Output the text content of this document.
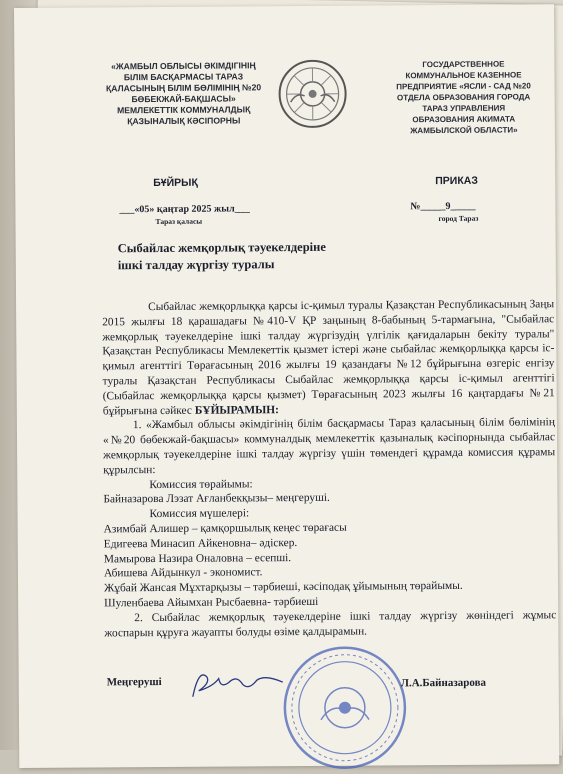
«ЖАМБЫЛ ОБЛЫСЫ ӘКІМДІГІНІҢ
БІЛІМ БАСҚАРМАСЫ ТАРАЗ
ҚАЛАСЫНЫҢ БІЛІМ БӨЛІМІНІҢ №20
БӨБЕКЖАЙ-БАҚШАСЫ»
МЕМЛЕКЕТТІК КОММУНАЛДЫҚ
ҚАЗЫНАЛЫҚ КӘСІПОРНЫ
ГОСУДАРСТВЕННОЕ
КОММУНАЛЬНОЕ КАЗЕННОЕ
ПРЕДПРИЯТИЕ «ЯСЛИ - САД №20
ОТДЕЛА ОБРАЗОВАНИЯ ГОРОДА
ТАРАЗ УПРАВЛЕНИЯ
ОБРАЗОВАНИЯ АКИМАТА
ЖАМБЫЛСКОЙ ОБЛАСТИ»
БҰЙРЫҚ	ПРИКАЗ
___«05» қаңтар 2025 жыл___
Тараз қаласы
№_____9_____
город Тараз
Сыбайлас жемқорлық тәуекелдеріне
ішкі талдау жүргізу туралы

Сыбайлас жемқорлыққа қарсы іс-қимыл туралы Қазақстан Республикасының Заңы 2015 жылғы 18 қарашадағы №410-V ҚР заңының 8-бабының 5-тармағына, "Сыбайлас жемқорлық тәуекелдеріне ішкі талдау жүргізудің үлгілік қағидаларын бекіту туралы" Қазақстан Республикасы Мемлекеттік қызмет істері және сыбайлас жемқорлыққа қарсы іс-қимыл агенттігі Төрағасының 2016 жылғы 19 қазандағы №12 бұйрығына өзгеріс енгізу туралы Қазақстан Республикасы Сыбайлас жемқорлыққа қарсы іс-қимыл агенттігі (Сыбайлас жемқорлыққа қарсы қызмет) Төрағасының 2023 жылғы 16 қаңтардағы №21 бұйрығына сәйкес БҰЙЫРАМЫН:

1. «Жамбыл облысы әкімдігінің білім басқармасы Тараз қаласының білім бөлімінің «№20 бөбекжай-бақшасы» коммуналдық мемлекеттік қазыналық кәсіпорнында сыбайлас жемқорлық тәуекелдеріне ішкі талдау жүргізу үшін төмендегі құрамда комиссия құрамы құрылсын:

Комиссия төрайымы:

Байназарова Лэзат Ағланбекқызы– меңгеруші.

Комиссия мүшелері:

Азимбай Алишер – қамқоршылық кеңес төрағасы

Едигеева Минасип Айкеновна– әдіскер.

Мамырова Назира Оналовна – есепші.

Абишева Айдынкул - экономист.

Жұбай Жансая Мұхтарқызы – тәрбиеші, кәсіподақ ұйымының төрайымы.

Шуленбаева Айымхан Рысбаевна- тәрбиеші

2. Сыбайлас жемқорлық тәуекелдеріне ішкі талдау жүргізу жөніндегі жұмыс жоспарын құруға жауапты болуды өзіме қалдырамын.

Меңгеруші	Л.А.Байназарова
